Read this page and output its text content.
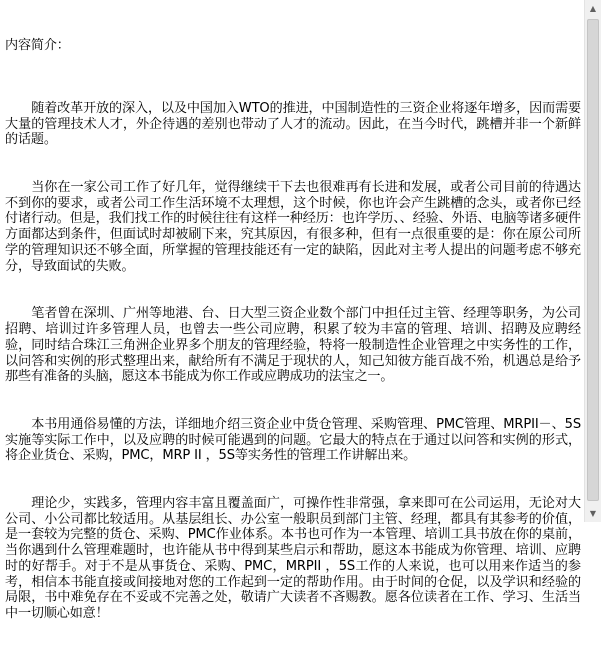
内容简介：

随着改革开放的深入，以及中国加入WTO的推进，中国制造性的三资企业将逐年增多，因而需要大量的管理技术人才，外企待遇的差别也带动了人才的流动。因此，在当今时代，跳槽并非一个新鲜的话题。

当你在一家公司工作了好几年，觉得继续干下去也很难再有长进和发展，或者公司目前的待遇达不到你的要求，或者公司工作生活环境不太理想，这个时候，你也许会产生跳槽的念头，或者你已经付诸行动。但是，我们找工作的时候往往有这样一种经历：也许学历、、经验、外语、电脑等诸多硬件方面都达到条件，但面试时却被刷下来，究其原因，有很多种，但有一点很重要的是：你在原公司所学的管理知识还不够全面，所掌握的管理技能还有一定的缺陷，因此对主考人提出的问题考虑不够充分，导致面试的失败。

笔者曾在深圳、广州等地港、台、日大型三资企业数个部门中担任过主管、经理等职务，为公司招聘、培训过许多管理人员，也曾去一些公司应聘，积累了较为丰富的管理、培训、招聘及应聘经验，同时结合珠江三角洲企业界多个朋友的管理经验，特将一般制造性企业管理之中实务性的工作，以问答和实例的形式整理出来，献给所有不满足于现状的人，知己知彼方能百战不殆，机遇总是给予那些有准备的头脑，愿这本书能成为你工作或应聘成功的法宝之一。

本书用通俗易懂的方法，详细地介绍三资企业中货仓管理、采购管理、PMC管理、MRPII－、5S实施等实际工作中，以及应聘的时候可能遇到的问题。它最大的特点在于通过以问答和实例的形式，将企业货仓、采购，PMC，MRP II ，5S等实务性的管理工作讲解出来。

理论少，实践多，管理内容丰富且覆盖面广，可操作性非常强，拿来即可在公司运用，无论对大公司、小公司都比较适用。从基层组长、办公室一般职员到部门主管、经理，都具有其参考的价值，是一套较为完整的货仓、采购、PMC作业体系。本书也可作为一本管理、培训工具书放在你的桌前，当你遇到什么管理难题时，也许能从书中得到某些启示和帮助，愿这本书能成为你管理、培训、应聘时的好帮手。对于不是从事货仓、采购、PMC，MRPII ，5S工作的人来说，也可以用来作适当的参考，相信本书能直接或间接地对您的工作起到一定的帮助作用。由于时间的仓促，以及学识和经验的局限，书中难免存在不妥或不完善之处，敬请广大读者不吝赐教。愿各位读者在工作、学习、生活当中一切顺心如意！

▲
▼
